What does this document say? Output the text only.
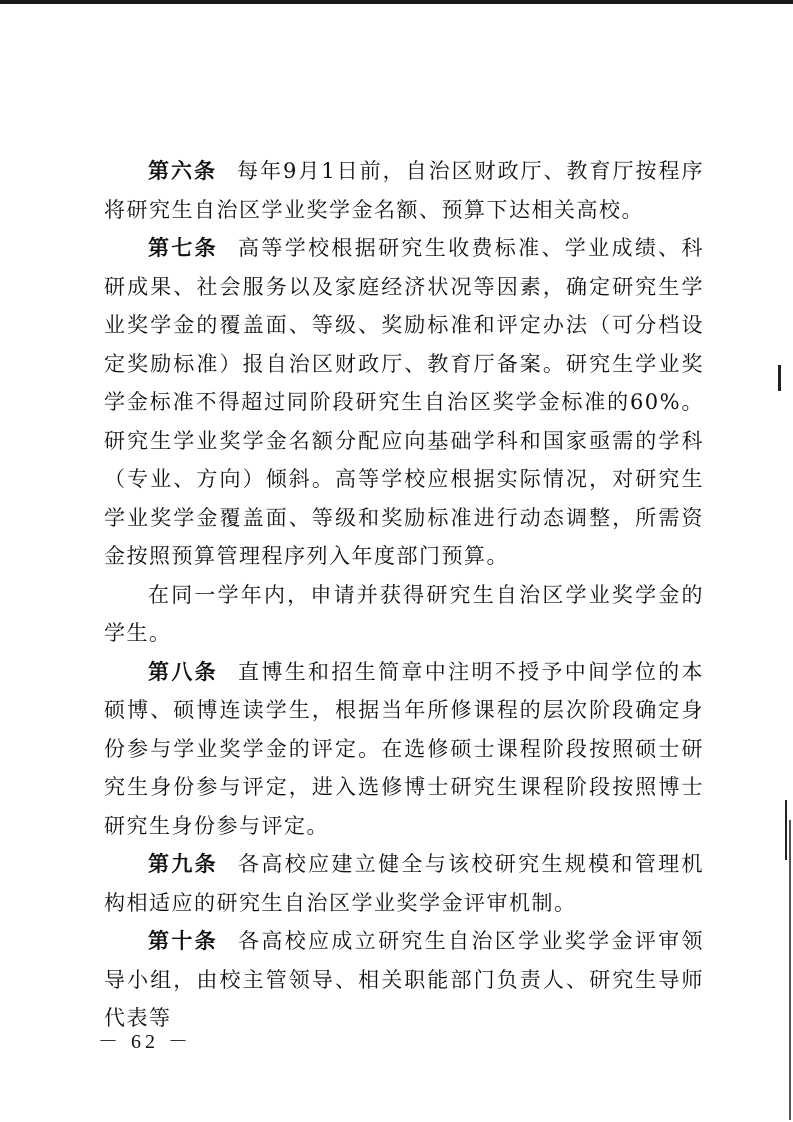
第六条 每年9月1日前，自治区财政厅、教育厅按程序将研究生自治区学业奖学金名额、预算下达相关高校。

第七条 高等学校根据研究生收费标准、学业成绩、科研成果、社会服务以及家庭经济状况等因素，确定研究生学业奖学金的覆盖面、等级、奖励标准和评定办法（可分档设定奖励标准）报自治区财政厅、教育厅备案。研究生学业奖学金标准不得超过同阶段研究生自治区奖学金标准的60%。研究生学业奖学金名额分配应向基础学科和国家亟需的学科（专业、方向）倾斜。高等学校应根据实际情况，对研究生学业奖学金覆盖面、等级和奖励标准进行动态调整，所需资金按照预算管理程序列入年度部门预算。

在同一学年内，申请并获得研究生自治区学业奖学金的学生。

第八条 直博生和招生简章中注明不授予中间学位的本硕博、硕博连读学生，根据当年所修课程的层次阶段确定身份参与学业奖学金的评定。在选修硕士课程阶段按照硕士研究生身份参与评定，进入选修博士研究生课程阶段按照博士研究生身份参与评定。

第九条 各高校应建立健全与该校研究生规模和管理机构相适应的研究生自治区学业奖学金评审机制。

第十条 各高校应成立研究生自治区学业奖学金评审领导小组，由校主管领导、相关职能部门负责人、研究生导师代表等

－ 62 －
